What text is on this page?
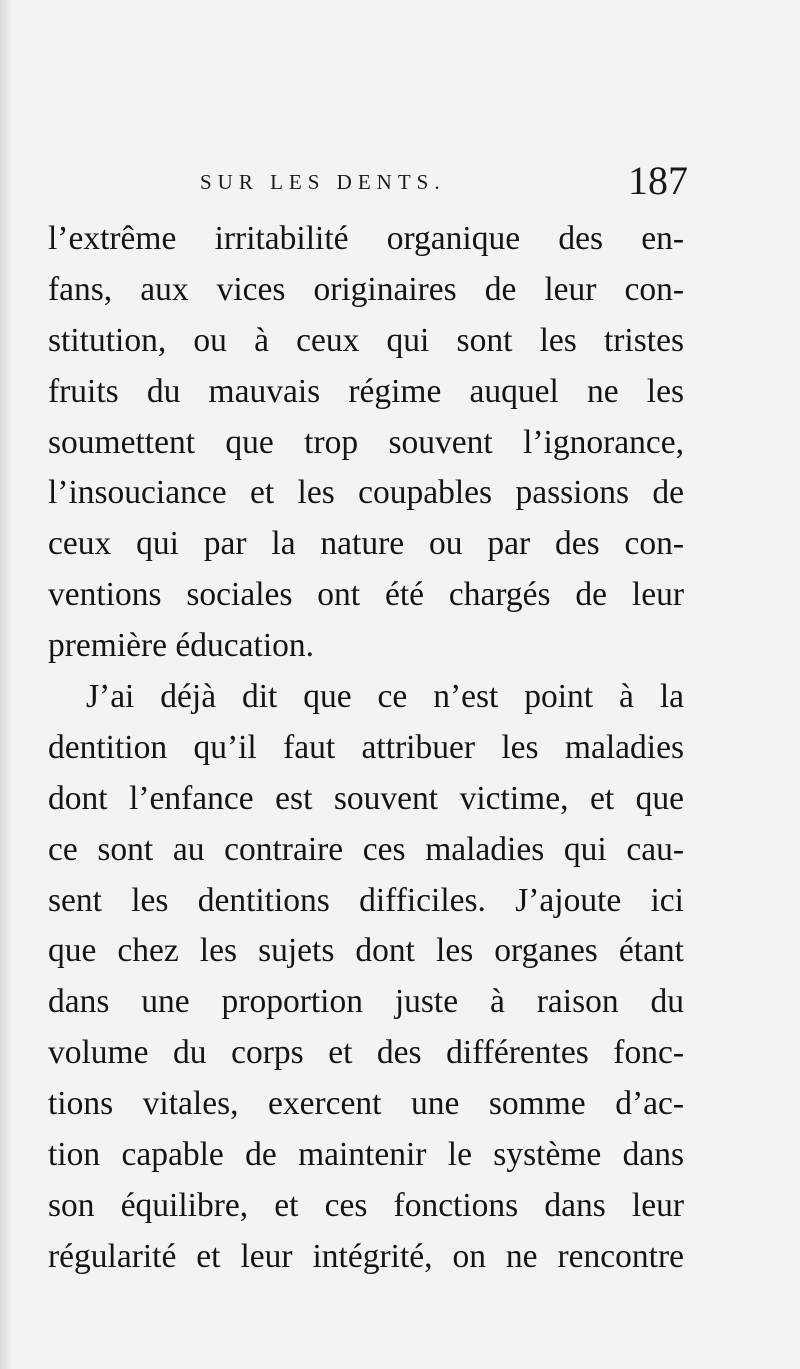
SUR LES DENTS.	187
l’extrême irritabilité organique des en-
fans, aux vices originaires de leur con-
stitution, ou à ceux qui sont les tristes
fruits du mauvais régime auquel ne les
soumettent que trop souvent l’ignorance,
l’insouciance et les coupables passions de
ceux qui par la nature ou par des con-
ventions sociales ont été chargés de leur
première éducation.
J’ai déjà dit que ce n’est point à la
dentition qu’il faut attribuer les maladies
dont l’enfance est souvent victime, et que
ce sont au contraire ces maladies qui cau-
sent les dentitions difficiles. J’ajoute ici
que chez les sujets dont les organes étant
dans une proportion juste à raison du
volume du corps et des différentes fonc-
tions vitales, exercent une somme d’ac-
tion capable de maintenir le système dans
son équilibre, et ces fonctions dans leur
régularité et leur intégrité, on ne rencontre
